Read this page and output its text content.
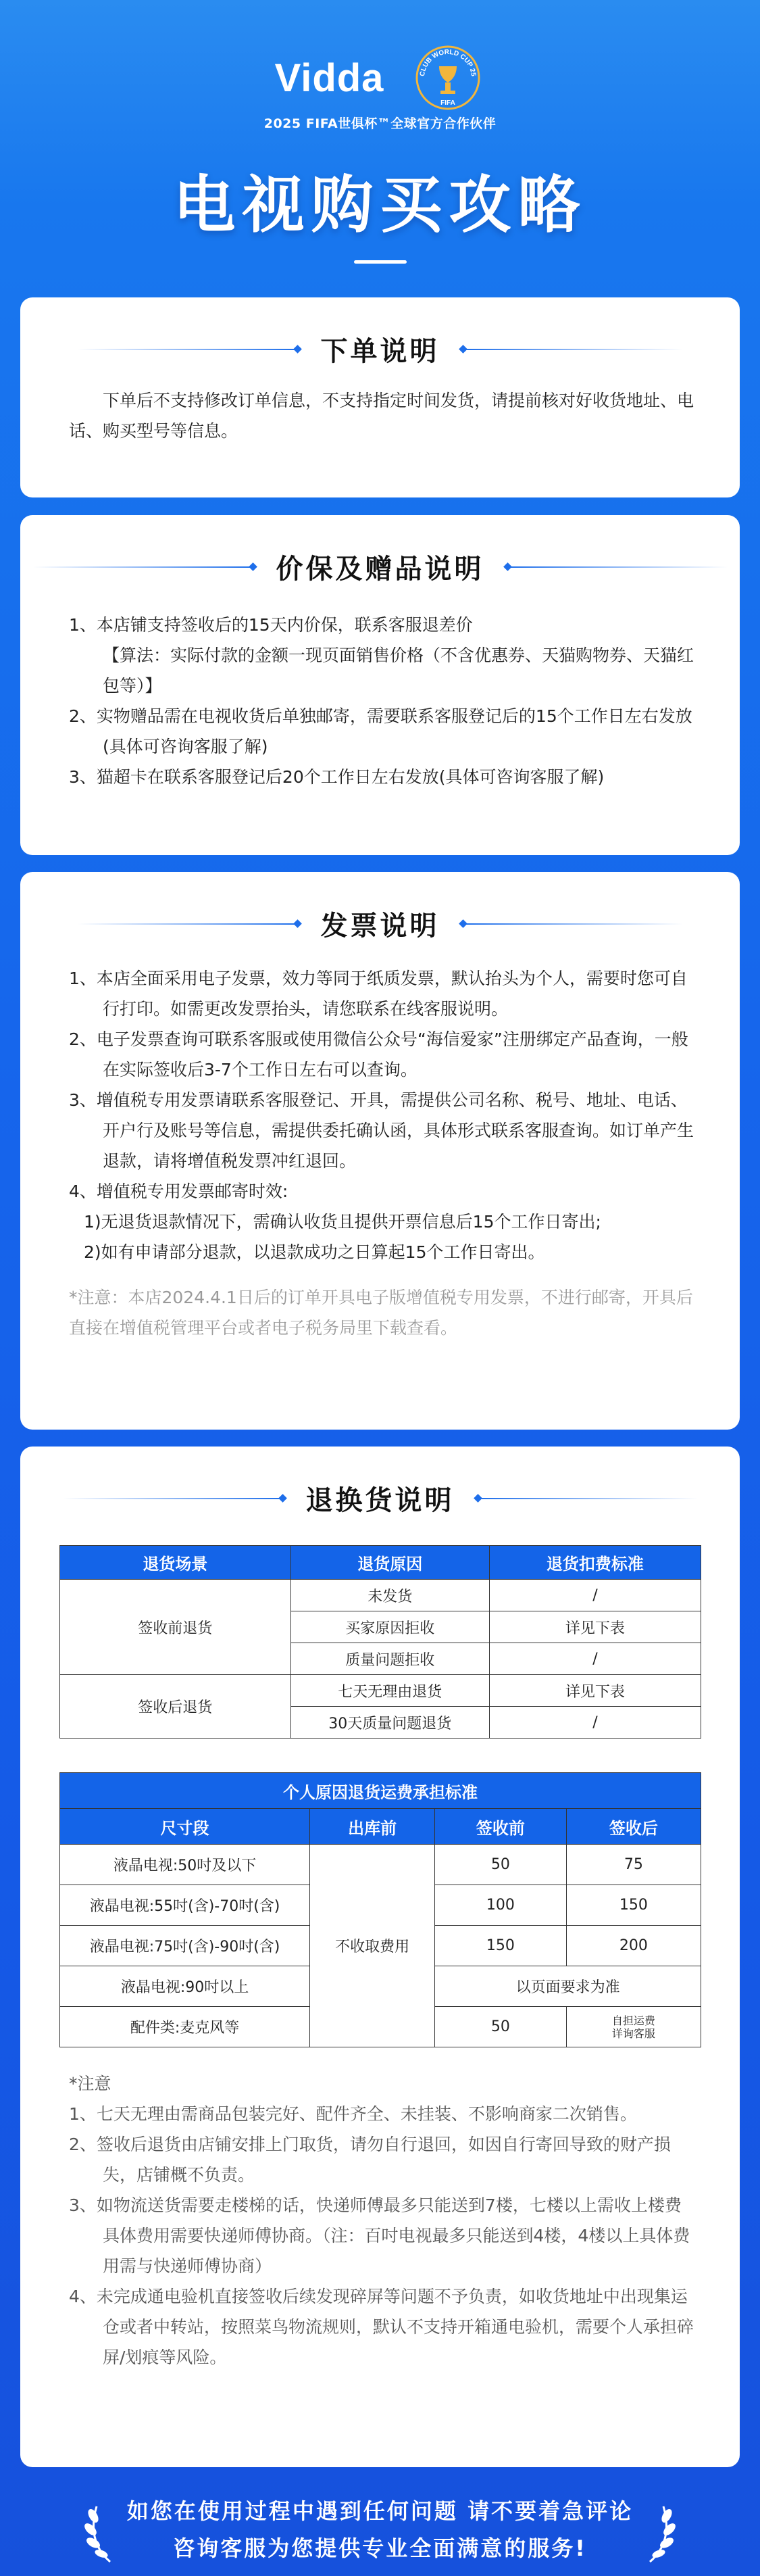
Vidda	CLUB WORLD CUP 25
FIFA
2025 FIFA世俱杯™全球官方合作伙伴
电视购买攻略
下单说明
下单后不支持修改订单信息，不支持指定时间发货，请提前核对好收货地址、电话、购买型号等信息。
价保及赠品说明
1、本店铺支持签收后的15天内价保，联系客服退差价
【算法：实际付款的金额一现页面销售价格（不含优惠券、天猫购物券、天猫红包等）】
2、实物赠品需在电视收货后单独邮寄，需要联系客服登记后的15个工作日左右发放(具体可咨询客服了解)
3、猫超卡在联系客服登记后20个工作日左右发放(具体可咨询客服了解)
发票说明
1、本店全面采用电子发票，效力等同于纸质发票，默认抬头为个人，需要时您可自行打印。如需更改发票抬头，请您联系在线客服说明。
2、电子发票查询可联系客服或使用微信公众号“海信爱家”注册绑定产品查询，一般在实际签收后3-7个工作日左右可以查询。
3、增值税专用发票请联系客服登记、开具，需提供公司名称、税号、地址、电话、开户行及账号等信息，需提供委托确认函，具体形式联系客服查询。如订单产生退款，请将增值税发票冲红退回。
4、增值税专用发票邮寄时效:
1)无退货退款情况下，需确认收货且提供开票信息后15个工作日寄出;
2)如有申请部分退款，以退款成功之日算起15个工作日寄出。
*注意：本店2024.4.1日后的订单开具电子版增值税专用发票，不进行邮寄，开具后直接在增值税管理平台或者电子税务局里下载查看。
退换货说明
退货场景	退货原因	退货扣费标准
签收前退货	未发货	/
	买家原因拒收	详见下表
	质量问题拒收	/
签收后退货	七天无理由退货	详见下表
	30天质量问题退货	/
个人原因退货运费承担标准			
尺寸段	出库前	签收前	签收后
液晶电视:50吋及以下	不收取费用	50	75
液晶电视:55吋(含)-70吋(含)		100	150
液晶电视:75吋(含)-90吋(含)		150	200
液晶电视:90吋以上		以页面要求为准	
配件类:麦克风等		50	自担运费
详询客服
*注意
1、七天无理由需商品包装完好、配件齐全、未挂装、不影响商家二次销售。
2、签收后退货由店铺安排上门取货，请勿自行退回，如因自行寄回导致的财产损失，店铺概不负责。
3、如物流送货需要走楼梯的话，快递师傅最多只能送到7楼，七楼以上需收上楼费具体费用需要快递师傅协商。（注：百吋电视最多只能送到4楼，4楼以上具体费用需与快递师傅协商）
4、未完成通电验机直接签收后续发现碎屏等问题不予负责，如收货地址中出现集运仓或者中转站，按照菜鸟物流规则，默认不支持开箱通电验机，需要个人承担碎屏/划痕等风险。
如您在使用过程中遇到任何问题 请不要着急评论
咨询客服为您提供专业全面满意的服务!
